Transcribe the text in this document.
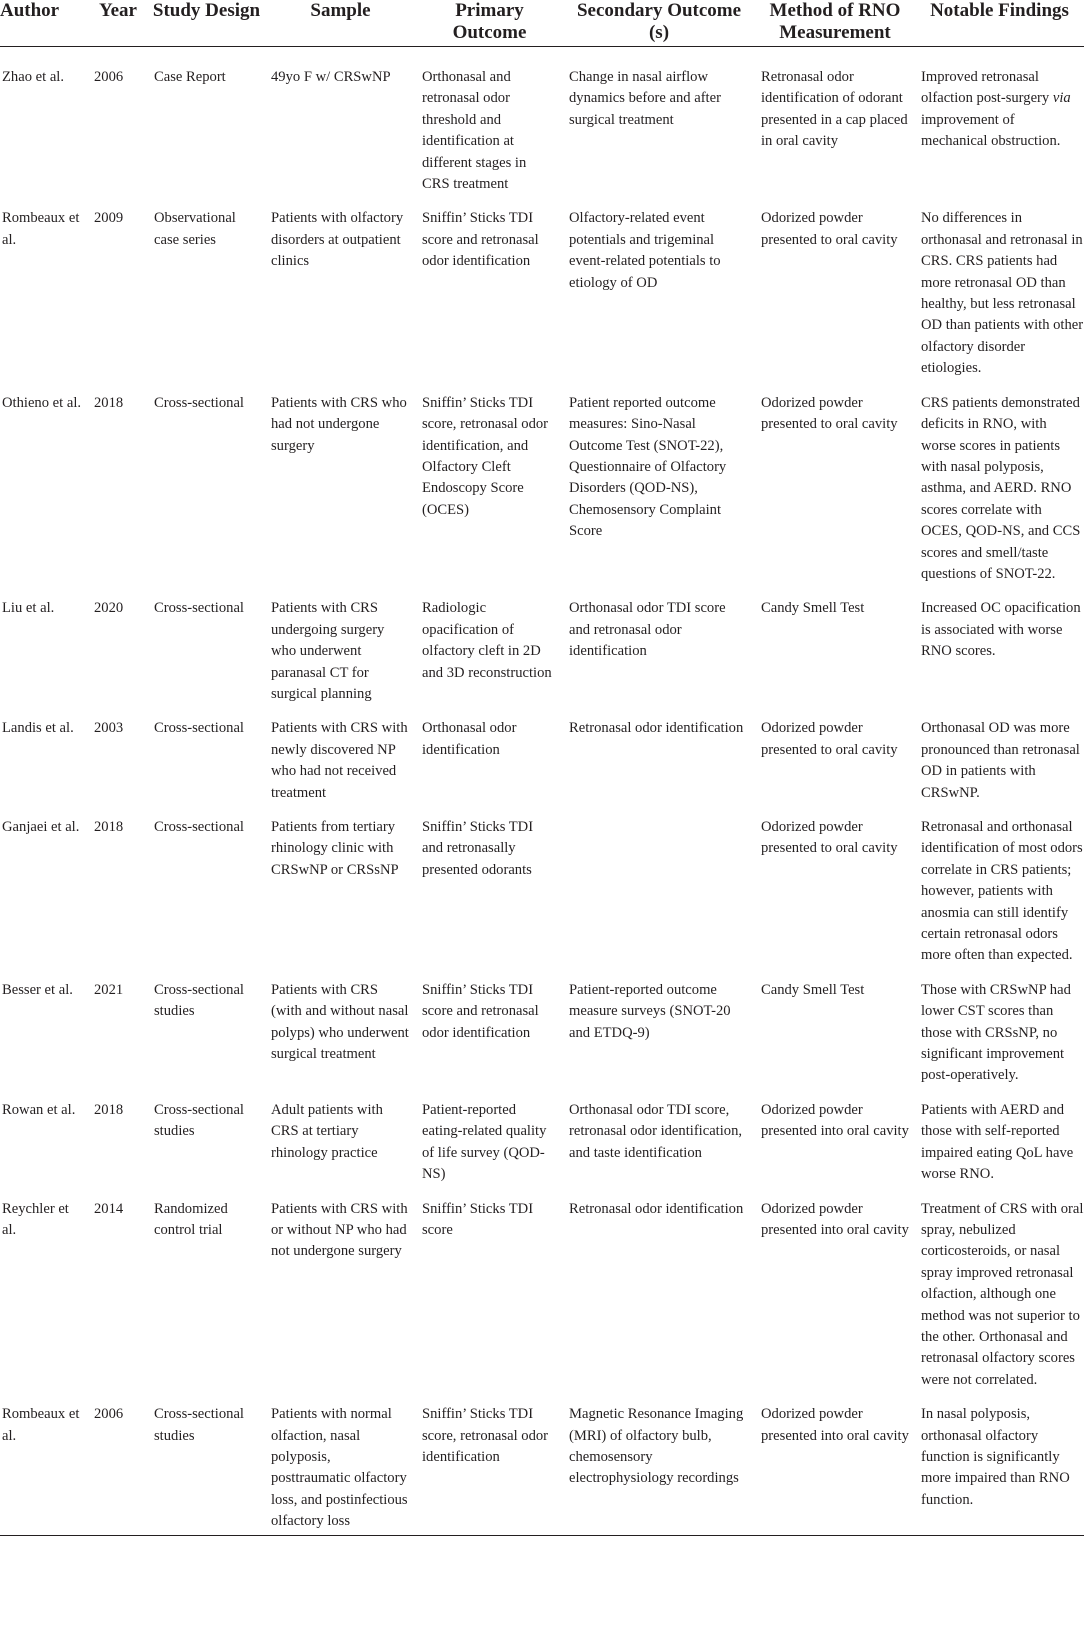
Author	Year	Study Design	Sample	Primary Outcome	Secondary Outcome (s)	Method of RNO Measurement	Notable Findings
Zhao et al.	2006	Case Report	49yo F w/ CRSwNP	Orthonasal and retronasal odor threshold and identification at different stages in CRS treatment	Change in nasal airflow dynamics before and after surgical treatment	Retronasal odor identification of odorant presented in a cap placed in oral cavity	Improved retronasal olfaction post-surgery via improvement of mechanical obstruction.
Rombeaux et al.	2009	Observational case series	Patients with olfactory disorders at outpatient clinics	Sniffin’ Sticks TDI score and retronasal odor identification	Olfactory-related event potentials and trigeminal event-related potentials to etiology of OD	Odorized powder presented to oral cavity	No differences in orthonasal and retronasal in CRS. CRS patients had more retronasal OD than healthy, but less retronasal OD than patients with other olfactory disorder etiologies.
Othieno et al.	2018	Cross-sectional	Patients with CRS who had not undergone surgery	Sniffin’ Sticks TDI score, retronasal odor identification, and Olfactory Cleft Endoscopy Score (OCES)	Patient reported outcome measures: Sino-Nasal Outcome Test (SNOT-22), Questionnaire of Olfactory Disorders (QOD-NS), Chemosensory Complaint Score	Odorized powder presented to oral cavity	CRS patients demonstrated deficits in RNO, with worse scores in patients with nasal polyposis, asthma, and AERD. RNO scores correlate with OCES, QOD-NS, and CCS scores and smell/taste questions of SNOT-22.
Liu et al.	2020	Cross-sectional	Patients with CRS undergoing surgery who underwent paranasal CT for surgical planning	Radiologic opacification of olfactory cleft in 2D and 3D reconstruction	Orthonasal odor TDI score and retronasal odor identification	Candy Smell Test	Increased OC opacification is associated with worse RNO scores.
Landis et al.	2003	Cross-sectional	Patients with CRS with newly discovered NP who had not received treatment	Orthonasal odor identification	Retronasal odor identification	Odorized powder presented to oral cavity	Orthonasal OD was more pronounced than retronasal OD in patients with CRSwNP.
Ganjaei et al.	2018	Cross-sectional	Patients from tertiary rhinology clinic with CRSwNP or CRSsNP	Sniffin’ Sticks TDI and retronasally presented odorants		Odorized powder presented to oral cavity	Retronasal and orthonasal identification of most odors correlate in CRS patients; however, patients with anosmia can still identify certain retronasal odors more often than expected.
Besser et al.	2021	Cross-sectional studies	Patients with CRS (with and without nasal polyps) who underwent surgical treatment	Sniffin’ Sticks TDI score and retronasal odor identification	Patient-reported outcome measure surveys (SNOT-20 and ETDQ-9)	Candy Smell Test	Those with CRSwNP had lower CST scores than those with CRSsNP, no significant improvement post-operatively.
Rowan et al.	2018	Cross-sectional studies	Adult patients with CRS at tertiary rhinology practice	Patient-reported eating-related quality of life survey (QOD-NS)	Orthonasal odor TDI score, retronasal odor identification, and taste identification	Odorized powder presented into oral cavity	Patients with AERD and those with self-reported impaired eating QoL have worse RNO.
Reychler et al.	2014	Randomized control trial	Patients with CRS with or without NP who had not undergone surgery	Sniffin’ Sticks TDI score	Retronasal odor identification	Odorized powder presented into oral cavity	Treatment of CRS with oral spray, nebulized corticosteroids, or nasal spray improved retronasal olfaction, although one method was not superior to the other. Orthonasal and retronasal olfactory scores were not correlated.
Rombeaux et al.	2006	Cross-sectional studies	Patients with normal olfaction, nasal polyposis, posttraumatic olfactory loss, and postinfectious olfactory loss	Sniffin’ Sticks TDI score, retronasal odor identification	Magnetic Resonance Imaging (MRI) of olfactory bulb, chemosensory electrophysiology recordings	Odorized powder presented into oral cavity	In nasal polyposis, orthonasal olfactory function is significantly more impaired than RNO function.
